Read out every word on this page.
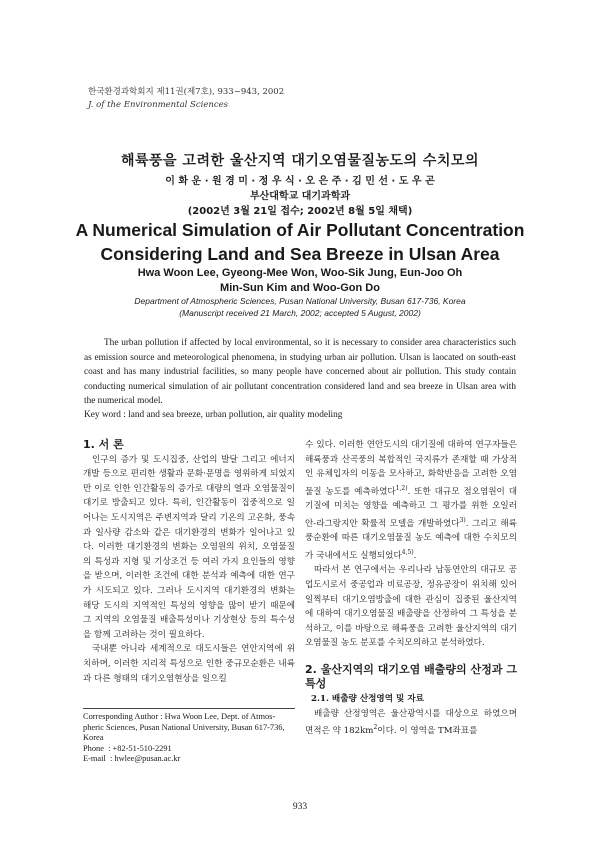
한국환경과학회지 제11권(제7호), 933~943, 2002
J. of the Environmental Sciences
해륙풍을 고려한 울산지역 대기오염물질농도의 수치모의
이 화 운 · 원 경 미 · 정 우 식 · 오 은 주 · 김 민 선 · 도 우 곤
부산대학교 대기과학과
(2002년 3월 21일 접수; 2002년 8월 5일 채택)
A Numerical Simulation of Air Pollutant Concentration
Considering Land and Sea Breeze in Ulsan Area
Hwa Woon Lee, Gyeong-Mee Won, Woo-Sik Jung, Eun-Joo Oh
Min-Sun Kim and Woo-Gon Do
Department of Atmospheric Sciences, Pusan National University, Busan 617-736, Korea
(Manuscript received 21 March, 2002; accepted 5 August, 2002)
The urban pollution if affected by local environmental, so it is necessary to consider area characteristics such as emission source and meteorological phenomena, in studying urban air pollution. Ulsan is laocated on south-east coast and has many industrial facilities, so many people have concerned about air pollution. This study contain conducting numerical simulation of air pollutant concentration considered land and sea breeze in Ulsan area with the numerical model.
Key word : land and sea breeze, urban pollution, air quality modeling

1. 서 론

인구의 증가 및 도시집중, 산업의 발달 그리고 에너지개발 등으로 편리한 생활과 문화·문명을 영위하게 되었지만 이로 인한 인간활동의 증가로 대량의 열과 오염물질이 대기로 방출되고 있다. 특히, 인간활동이 집중적으로 일어나는 도시지역은 주변지역과 달리 기온의 고온화, 풍속과 일사량 감소와 같은 대기환경의 변화가 일어나고 있다. 이러한 대기환경의 변화는 오염원의 위치, 오염물질의 특성과 지형 및 기상조건 등 여러 가지 요인들의 영향을 받으며, 이러한 조건에 대한 분석과 예측에 대한 연구가 시도되고 있다. 그러나 도시지역 대기환경의 변화는 해당 도시의 지역적인 특성의 영향을 많이 받기 때문에 그 지역의 오염물질 배출특성이나 기상현상 등의 특수성을 함께 고려하는 것이 필요하다.

국내뿐 아니라 세계적으로 대도시들은 연안지역에 위치하며, 이러한 지리적 특성으로 인한 중규모순환은 내륙과 다른 형태의 대기오염현상을 일으킬

수 있다. 이러한 연안도시의 대기질에 대하여 연구자들은 해륙풍과 산곡풍의 복합적인 국지류가 존재할 때 가상적인 유체입자의 이동을 모사하고, 화학반응을 고려한 오염물질 농도를 예측하였다$^{1,2)}$. 또한 대규모 점오염원이 대기질에 미치는 영향을 예측하고 그 평가를 위한 오일러안-라그랑지안 확률적 모델을 개발하였다$^{3)}$. 그리고 해륙풍순환에 따른 대기오염물질 농도 예측에 대한 수치모의가 국내에서도 실행되었다$^{4,5)}$.

따라서 본 연구에서는 우리나라 남동연안의 대규모 공업도시로서 중공업과 비료공장, 정유공장이 위치해 있어 일찍부터 대기오염방출에 대한 관심이 집중된 울산지역에 대하여 대기오염물질 배출량을 산정하여 그 특성을 분석하고, 이를 바탕으로 해륙풍을 고려한 울산지역의 대기오염물질 농도 분포를 수치모의하고 분석하였다.

2. 울산지역의 대기오염 배출량의 산정과 그 특성

2.1. 배출량 산정영역 및 자료

배출량 산정영역은 울산광역시를 대상으로 하였으며 면적은 약 $182km^2$이다. 이 영역을 TM좌표를

Corresponding Author : Hwa Woon Lee, Dept. of Atmos-
pheric Sciences, Pusan National University, Busan 617-736,
Korea
Phone  : +82-51-510-2291
E-mail  : hwlee@pusan.ac.kr
933
